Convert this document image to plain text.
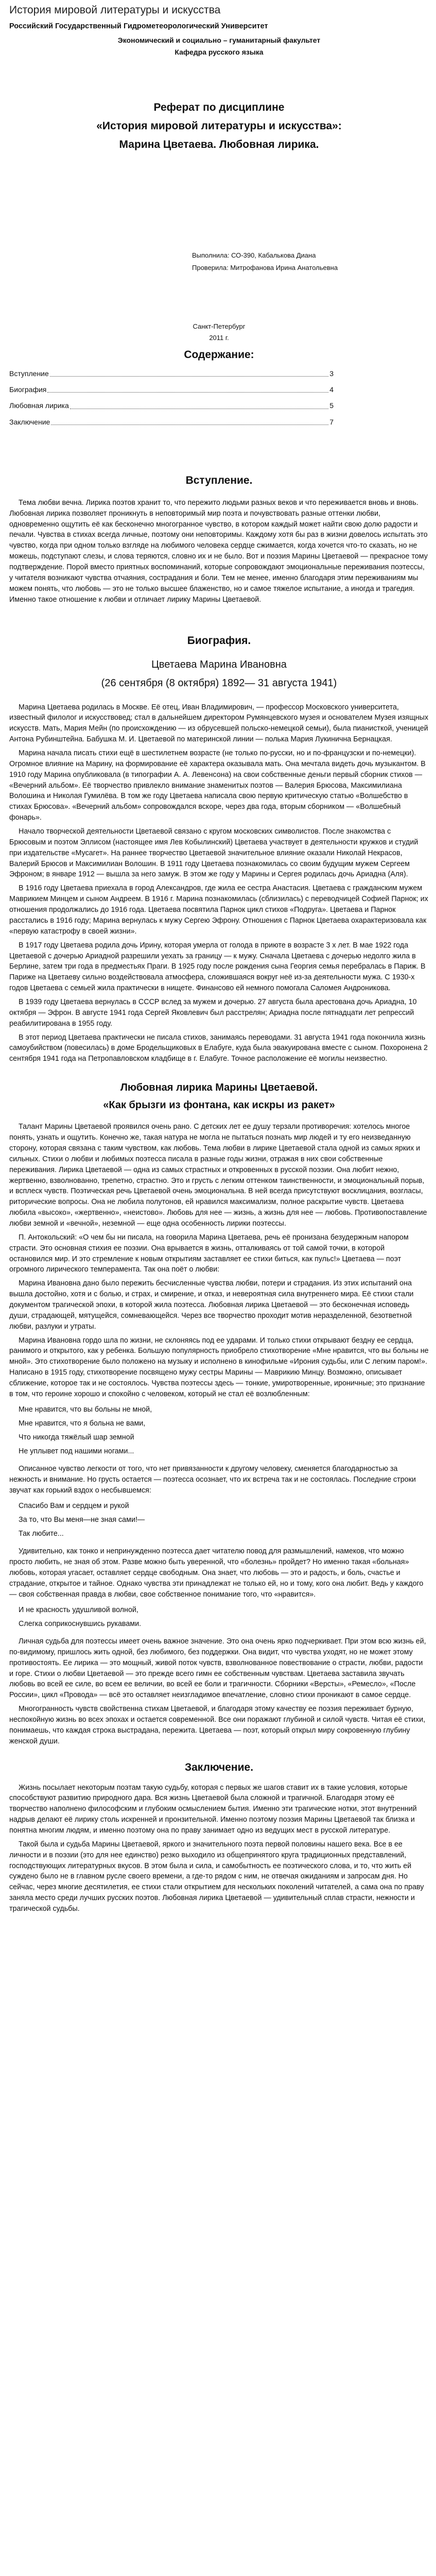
История мировой литературы и искусства
Российский Государственный Гидрометеорологический Университет
Экономический и социально – гуманитарный факультет
Кафедра русского языка
Реферат по дисциплине
«История мировой литературы и искусства»:
Марина Цветаева. Любовная лирика.
Выполнила: СО-390, Кабалькова Диана
Проверила: Митрофанова Ирина Анатольевна
Санкт-Петербург
2011 г.
Содержание:
Вступление	3
Биография	4
Любовная лирика	5
Заключение	7
Вступление.

Тема любви вечна. Лирика поэтов хранит то, что пережито людьми разных веков и что переживается вновь и вновь. Любовная лирика позволяет проникнуть в неповторимый мир поэта и почувствовать разные оттенки любви, одновременно ощутить её как бесконечно многогранное чувство, в котором каждый может найти свою долю радости и печали. Чувства в стихах всегда личные, поэтому они неповторимы. Каждому хотя бы раз в жизни довелось испытать это чувство, когда при одном только взгляде на любимого человека сердце сжимается, когда хочется что-то сказать, но не можешь, подступают слезы, и слова теряются, словно их и не было. Вот и поэзия Марины Цветаевой — прекрасное тому подтверждение. Порой вместо приятных воспоминаний, которые сопровождают эмоциональные переживания поэтессы, у читателя возникают чувства отчаяния, сострадания и боли. Тем не менее, именно благодаря этим переживаниям мы можем понять, что любовь — это не только высшее блаженство, но и самое тяжелое испытание, а иногда и трагедия. Именно такое отношение к любви и отличает лирику Марины Цветаевой.

Биография.
Цветаева Марина Ивановна
(26 сентября (8 октября) 1892— 31 августа 1941)

Марина Цветаева родилась в Москве. Её отец, Иван Владимирович, — профессор Московского университета, известный филолог и искусствовед; стал в дальнейшем директором Румянцевского музея и основателем Музея изящных искусств. Мать, Мария Мейн (по происхождению — из обрусевшей польско-немецкой семьи), была пианисткой, ученицей Антона Рубинштейна. Бабушка М. И. Цветаевой по материнской линии — полька Мария Лукинична Бернацкая.

Марина начала писать стихи ещё в шестилетнем возрасте (не только по-русски, но и по-французски и по-немецки). Огромное влияние на Марину, на формирование её характера оказывала мать. Она мечтала видеть дочь музыкантом. В 1910 году Марина опубликовала (в типографии А. А. Левенсона) на свои собственные деньги первый сборник стихов — «Вечерний альбом». Её творчество привлекло внимание знаменитых поэтов — Валерия Брюсова, Максимилиана Волошина и Николая Гумилёва. В том же году Цветаева написала свою первую критическую статью «Волшебство в стихах Брюсова». «Вечерний альбом» сопровождался вскоре, через два года, вторым сборником — «Волшебный фонарь».

Начало творческой деятельности Цветаевой связано с кругом московских символистов. После знакомства с Брюсовым и поэтом Эллисом (настоящее имя Лев Кобылинский) Цветаева участвует в деятельности кружков и студий при издательстве «Мусагет». На раннее творчество Цветаевой значительное влияние оказали Николай Некрасов, Валерий Брюсов и Максимилиан Волошин. В 1911 году Цветаева познакомилась со своим будущим мужем Сергеем Эфроном; в январе 1912 — вышла за него замуж. В этом же году у Марины и Сергея родилась дочь Ариадна (Аля).

В 1916 году Цветаева приехала в город Александров, где жила ее сестра Анастасия. Цветаева с гражданским мужем Маврикием Минцем и сыном Андреем. В 1916 г. Марина познакомилась (сблизилась) с переводчицей Софией Парнок; их отношения продолжались до 1916 года. Цветаева посвятила Парнок цикл стихов «Подруга». Цветаева и Парнок расстались в 1916 году; Марина вернулась к мужу Сергею Эфрону. Отношения с Парнок Цветаева охарактеризовала как «первую катастрофу в своей жизни».

В 1917 году Цветаева родила дочь Ирину, которая умерла от голода в приюте в возрасте 3 х лет. В мае 1922 года Цветаевой с дочерью Ариадной разрешили уехать за границу — к мужу. Сначала Цветаева с дочерью недолго жила в Берлине, затем три года в предместьях Праги. В 1925 году после рождения сына Георгия семья перебралась в Париж. В Париже на Цветаеву сильно воздействовала атмосфера, сложившаяся вокруг неё из-за деятельности мужа. С 1930-х годов Цветаева с семьей жила практически в нищете. Финансово ей немного помогала Саломея Андроникова.

В 1939 году Цветаева вернулась в СССР вслед за мужем и дочерью. 27 августа была арестована дочь Ариадна, 10 октября — Эфрон. В августе 1941 года Сергей Яковлевич был расстрелян; Ариадна после пятнадцати лет репрессий реабилитирована в 1955 году.

В этот период Цветаева практически не писала стихов, занимаясь переводами. 31 августа 1941 года покончила жизнь самоубийством (повесилась) в доме Бродельщиковых в Елабуге, куда была эвакуирована вместе с сыном. Похоронена 2 сентября 1941 года на Петропавловском кладбище в г. Елабуге. Точное расположение её могилы неизвестно.

Любовная лирика Марины Цветаевой.
«Как брызги из фонтана, как искры из ракет»

Талант Марины Цветаевой проявился очень рано. С детских лет ее душу терзали противоречия: хотелось многое понять, узнать и ощутить. Конечно же, такая натура не могла не пытаться познать мир людей и ту его неизведанную сторону, которая связана с таким чувством, как любовь. Тема любви в лирике Цветаевой стала одной из самых ярких и сильных. Стихи о любви и любимых поэтесса писала в разные годы жизни, отражая в них свои собственные переживания. Лирика Цветаевой — одна из самых страстных и откровенных в русской поэзии. Она любит нежно, жертвенно, взволнованно, трепетно, страстно. Это и грусть с легким оттенком таинственности, и эмоциональный порыв, и всплеск чувств. Поэтическая речь Цветаевой очень эмоциональна. В ней всегда присутствуют восклицания, возгласы, риторические вопросы. Она не любила полутонов, ей нравился максимализм, полное раскрытие чувств. Цветаева любила «высоко», «жертвенно», «неистово». Любовь для нее — жизнь, а жизнь для нее — любовь. Противопоставление любви земной и «вечной», неземной — еще одна особенность лирики поэтессы.

П. Антокольский: «О чем бы ни писала, на говорила Марина Цветаева, речь её пронизана безудержным напором страсти. Это основная стихия ее поэзии. Она врывается в жизнь, отталкиваясь от той самой точки, в которой остановился мир. И это стремление к новым открытиям заставляет ее стихи биться, как пульс!» Цветаева — поэт огромного лирического темперамента. Так она поёт о любви:

Марина Ивановна дано было пережить бесчисленные чувства любви, потери и страдания. Из этих испытаний она вышла достойно, хотя и с болью, и страх, и смирение, и отказ, и невероятная сила внутреннего мира. Её стихи стали документом трагической эпохи, в которой жила поэтесса. Любовная лирика Цветаевой — это бесконечная исповедь души, страдающей, мятущейся, сомневающейся. Через все творчество проходит мотив неразделенной, безответной любви, разлуки и утраты.

Марина Ивановна гордо шла по жизни, не склоняясь под ее ударами. И только стихи открывают бездну ее сердца, ранимого и открытого, как у ребенка. Большую популярность приобрело стихотворение «Мне нравится, что вы больны не мной». Это стихотворение было положено на музыку и исполнено в кинофильме «Ирония судьбы, или С легким паром!». Написано в 1915 году, стихотворение посвящено мужу сестры Марины — Маврикию Минцу. Возможно, описывает сближение, которое так и не состоялось. Чувства поэтессы здесь — тонкие, умиротворенные, ироничные; это признание в том, что героине хорошо и спокойно с человеком, который не стал её возлюбленным:

Мне нравится, что вы больны не мной,
Мне нравится, что я больна не вами,
Что никогда тяжёлый шар земной
Не уплывет под нашими ногами...

Описанное чувство легкости от того, что нет привязанности к другому человеку, сменяется благодарностью за нежность и внимание. Но грусть остается — поэтесса осознает, что их встреча так и не состоялась. Последние строки звучат как горький вздох о несбывшемся:

Спасибо Вам и сердцем и рукой
За то, что Вы меня—не зная сами!—
Так любите...

Удивительно, как тонко и непринужденно поэтесса дает читателю повод для размышлений, намеков, что можно просто любить, не зная об этом. Разве можно быть уверенной, что «болезнь» пройдет? Но именно такая «больная» любовь, которая угасает, оставляет сердце свободным. Она знает, что любовь — это и радость, и боль, счастье и страдание, открытое и тайное. Однако чувства эти принадлежат не только ей, но и тому, кого она любит. Ведь у каждого — своя собственная правда в любви, свое собственное понимание того, что «нравится».

И не красность удушливой волной,
Слегка соприкоснувшись рукавами.

Личная судьба для поэтессы имеет очень важное значение. Это она очень ярко подчеркивает. При этом всю жизнь ей, по-видимому, пришлось жить одной, без любимого, без поддержки. Она видит, что чувства уходят, но не может этому противостоять. Ее лирика — это мощный, живой поток чувств, взволнованное повествование о страсти, любви, радости и горе. Стихи о любви Цветаевой — это прежде всего гимн ее собственным чувствам. Цветаева заставила звучать любовь во всей ее силе, во всем ее величии, во всей ее боли и трагичности. Сборники «Версты», «Ремесло», «После России», цикл «Провода» — всё это оставляет неизгладимое впечатление, словно стихи проникают в самое сердце.

Многогранность чувств свойственна стихам Цветаевой, и благодаря этому качеству ее поэзия переживает бурную, неспокойную жизнь во всех эпохах и остается современной. Все они поражают глубиной и силой чувств. Читая её стихи, понимаешь, что каждая строка выстрадана, пережита. Цветаева — поэт, который открыл миру сокровенную глубину женской души.

Заключение.

Жизнь посылает некоторым поэтам такую судьбу, которая с первых же шагов ставит их в такие условия, которые способствуют развитию природного дара. Вся жизнь Цветаевой была сложной и трагичной. Благодаря этому её творчество наполнено философским и глубоким осмыслением бытия. Именно эти трагические нотки, этот внутренний надрыв делают её лирику столь искренней и пронзительной. Именно поэтому поэзия Марины Цветаевой так близка и понятна многим людям, и именно поэтому она по праву занимает одно из ведущих мест в русской литературе.

Такой была и судьба Марины Цветаевой, яркого и значительного поэта первой половины нашего века. Все в ее личности и в поэзии (это для нее единство) резко выходило из общепринятого круга традиционных представлений, господствующих литературных вкусов. В этом была и сила, и самобытность ее поэтического слова, и то, что жить ей суждено было не в главном русле своего времени, а где-то рядом с ним, не отвечая ожиданиям и запросам дня. Но сейчас, через многие десятилетия, ее стихи стали открытием для нескольких поколений читателей, а сама она по праву заняла место среди лучших русских поэтов. Любовная лирика Цветаевой — удивительный сплав страсти, нежности и трагической судьбы.
